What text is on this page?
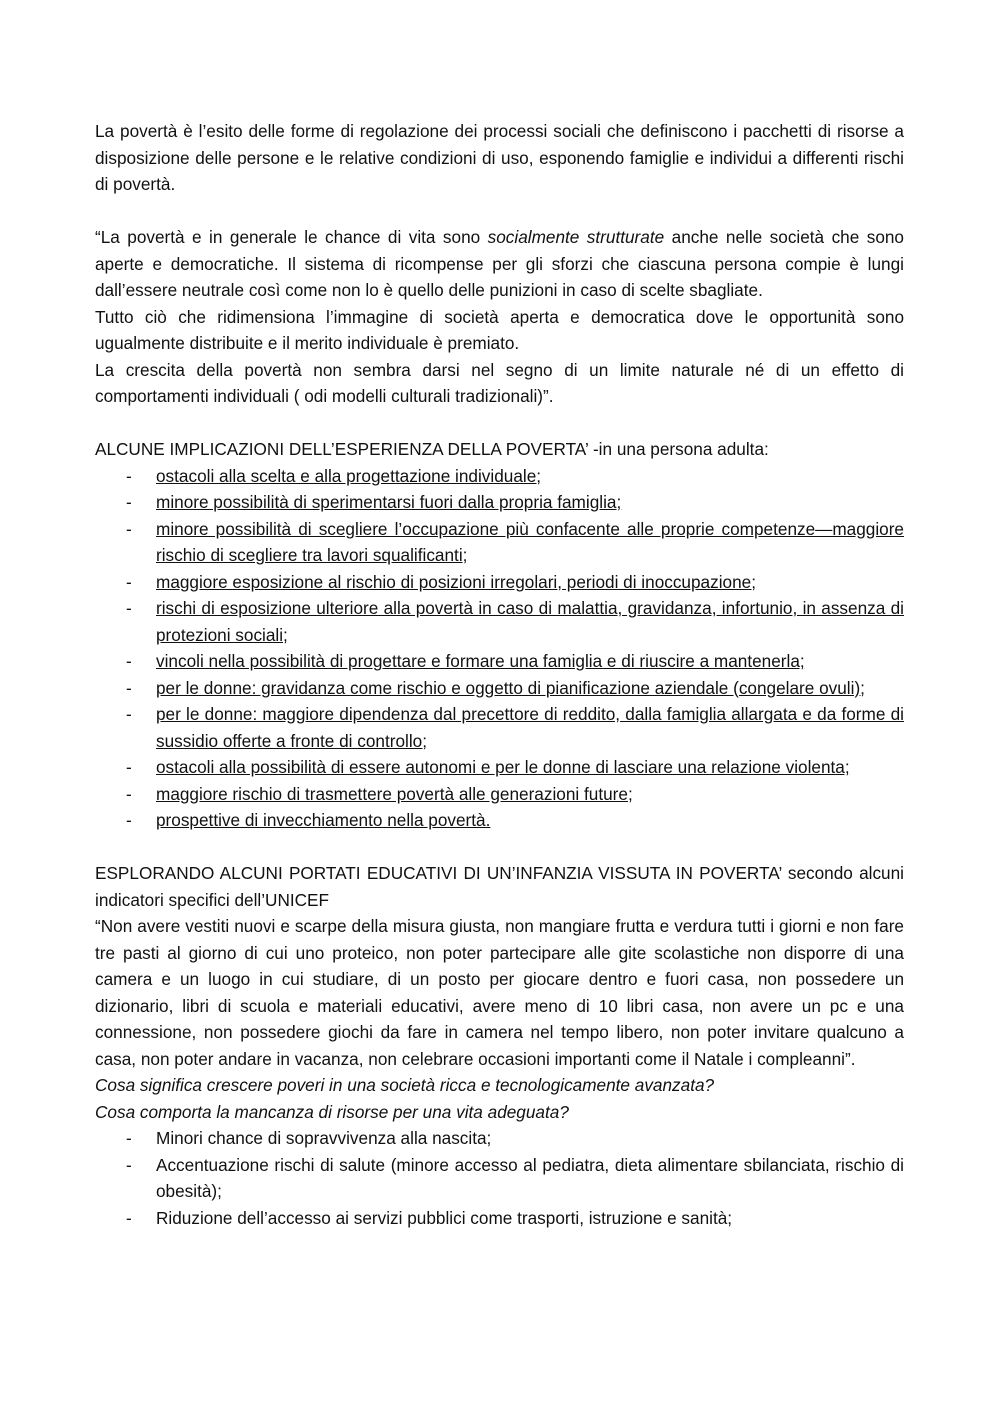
La povertà è l’esito delle forme di regolazione dei processi sociali che definiscono i pacchetti di risorse a disposizione delle persone e le relative condizioni di uso, esponendo famiglie e individui a differenti rischi di povertà.

“La povertà e in generale le chance di vita sono socialmente strutturate anche nelle società che sono aperte e democratiche. Il sistema di ricompense per gli sforzi che ciascuna persona compie è lungi dall’essere neutrale così come non lo è quello delle punizioni in caso di scelte sbagliate.

Tutto ciò che ridimensiona l’immagine di società aperta e democratica dove le opportunità sono ugualmente distribuite e il merito individuale è premiato.

La crescita della povertà non sembra darsi nel segno di un limite naturale né di un effetto di comportamenti individuali ( odi modelli culturali tradizionali)”.

ALCUNE IMPLICAZIONI DELL’ESPERIENZA DELLA POVERTA’ -in una persona adulta:

- ostacoli alla scelta e alla progettazione individuale;
- minore possibilità di sperimentarsi fuori dalla propria famiglia;
- minore possibilità di scegliere l’occupazione più confacente alle proprie competenze—maggiore rischio di scegliere tra lavori squalificanti;
- maggiore esposizione al rischio di posizioni irregolari, periodi di inoccupazione;
- rischi di esposizione ulteriore alla povertà in caso di malattia, gravidanza, infortunio, in assenza di protezioni sociali;
- vincoli nella possibilità di progettare e formare una famiglia e di riuscire a mantenerla;
- per le donne: gravidanza come rischio e oggetto di pianificazione aziendale (congelare ovuli);
- per le donne: maggiore dipendenza dal precettore di reddito, dalla famiglia allargata e da forme di sussidio offerte a fronte di controllo;
- ostacoli alla possibilità di essere autonomi e per le donne di lasciare una relazione violenta;
- maggiore rischio di trasmettere povertà alle generazioni future;
- prospettive di invecchiamento nella povertà.

ESPLORANDO ALCUNI PORTATI EDUCATIVI DI UN’INFANZIA VISSUTA IN POVERTA’ secondo alcuni indicatori specifici dell’UNICEF

“Non avere vestiti nuovi e scarpe della misura giusta, non mangiare frutta e verdura tutti i giorni e non fare tre pasti al giorno di cui uno proteico, non poter partecipare alle gite scolastiche non disporre di una camera e un luogo in cui studiare, di un posto per giocare dentro e fuori casa, non possedere un dizionario, libri di scuola e materiali educativi, avere meno di 10 libri casa, non avere un pc e una connessione, non possedere giochi da fare in camera nel tempo libero, non poter invitare qualcuno a casa, non poter andare in vacanza, non celebrare occasioni importanti come il Natale i compleanni”.

Cosa significa crescere poveri in una società ricca e tecnologicamente avanzata?

Cosa comporta la mancanza di risorse per una vita adeguata?

- Minori chance di sopravvivenza alla nascita;
- Accentuazione rischi di salute (minore accesso al pediatra, dieta alimentare sbilanciata, rischio di obesità);
- Riduzione dell’accesso ai servizi pubblici come trasporti, istruzione e sanità;
